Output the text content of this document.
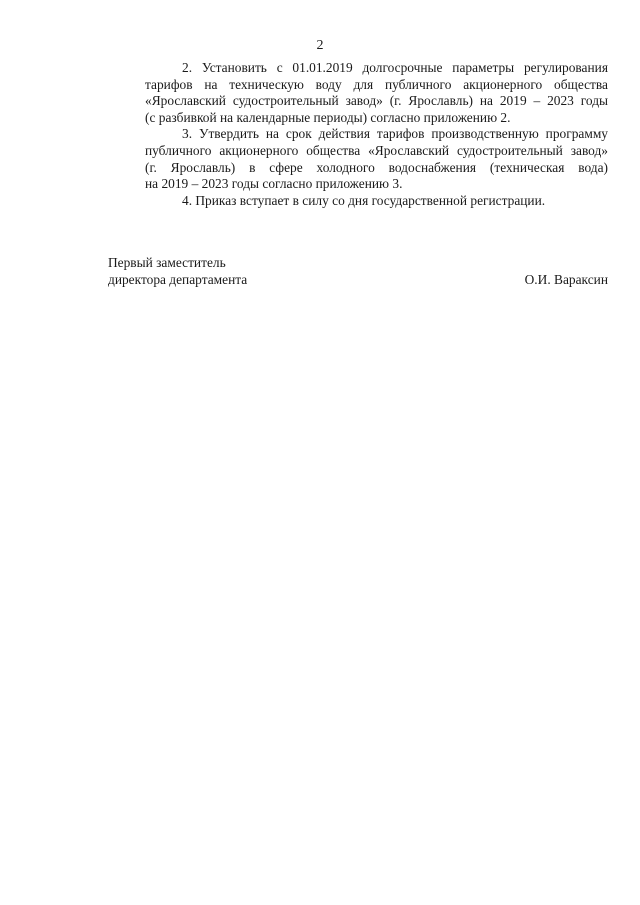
2
2. Установить с 01.01.2019 долгосрочные параметры регулирования
тарифов на техническую воду для публичного акционерного общества
«Ярославский судостроительный завод» (г. Ярославль) на 2019 – 2023 годы
(с разбивкой на календарные периоды) согласно приложению 2.
3. Утвердить на срок действия тарифов производственную программу
публичного акционерного общества «Ярославский судостроительный завод»
(г. Ярославль) в сфере холодного водоснабжения (техническая вода)
на 2019 – 2023 годы согласно приложению 3.
4. Приказ вступает в силу со дня государственной регистрации.
Первый заместитель
директора департамента	О.И. Вараксин
